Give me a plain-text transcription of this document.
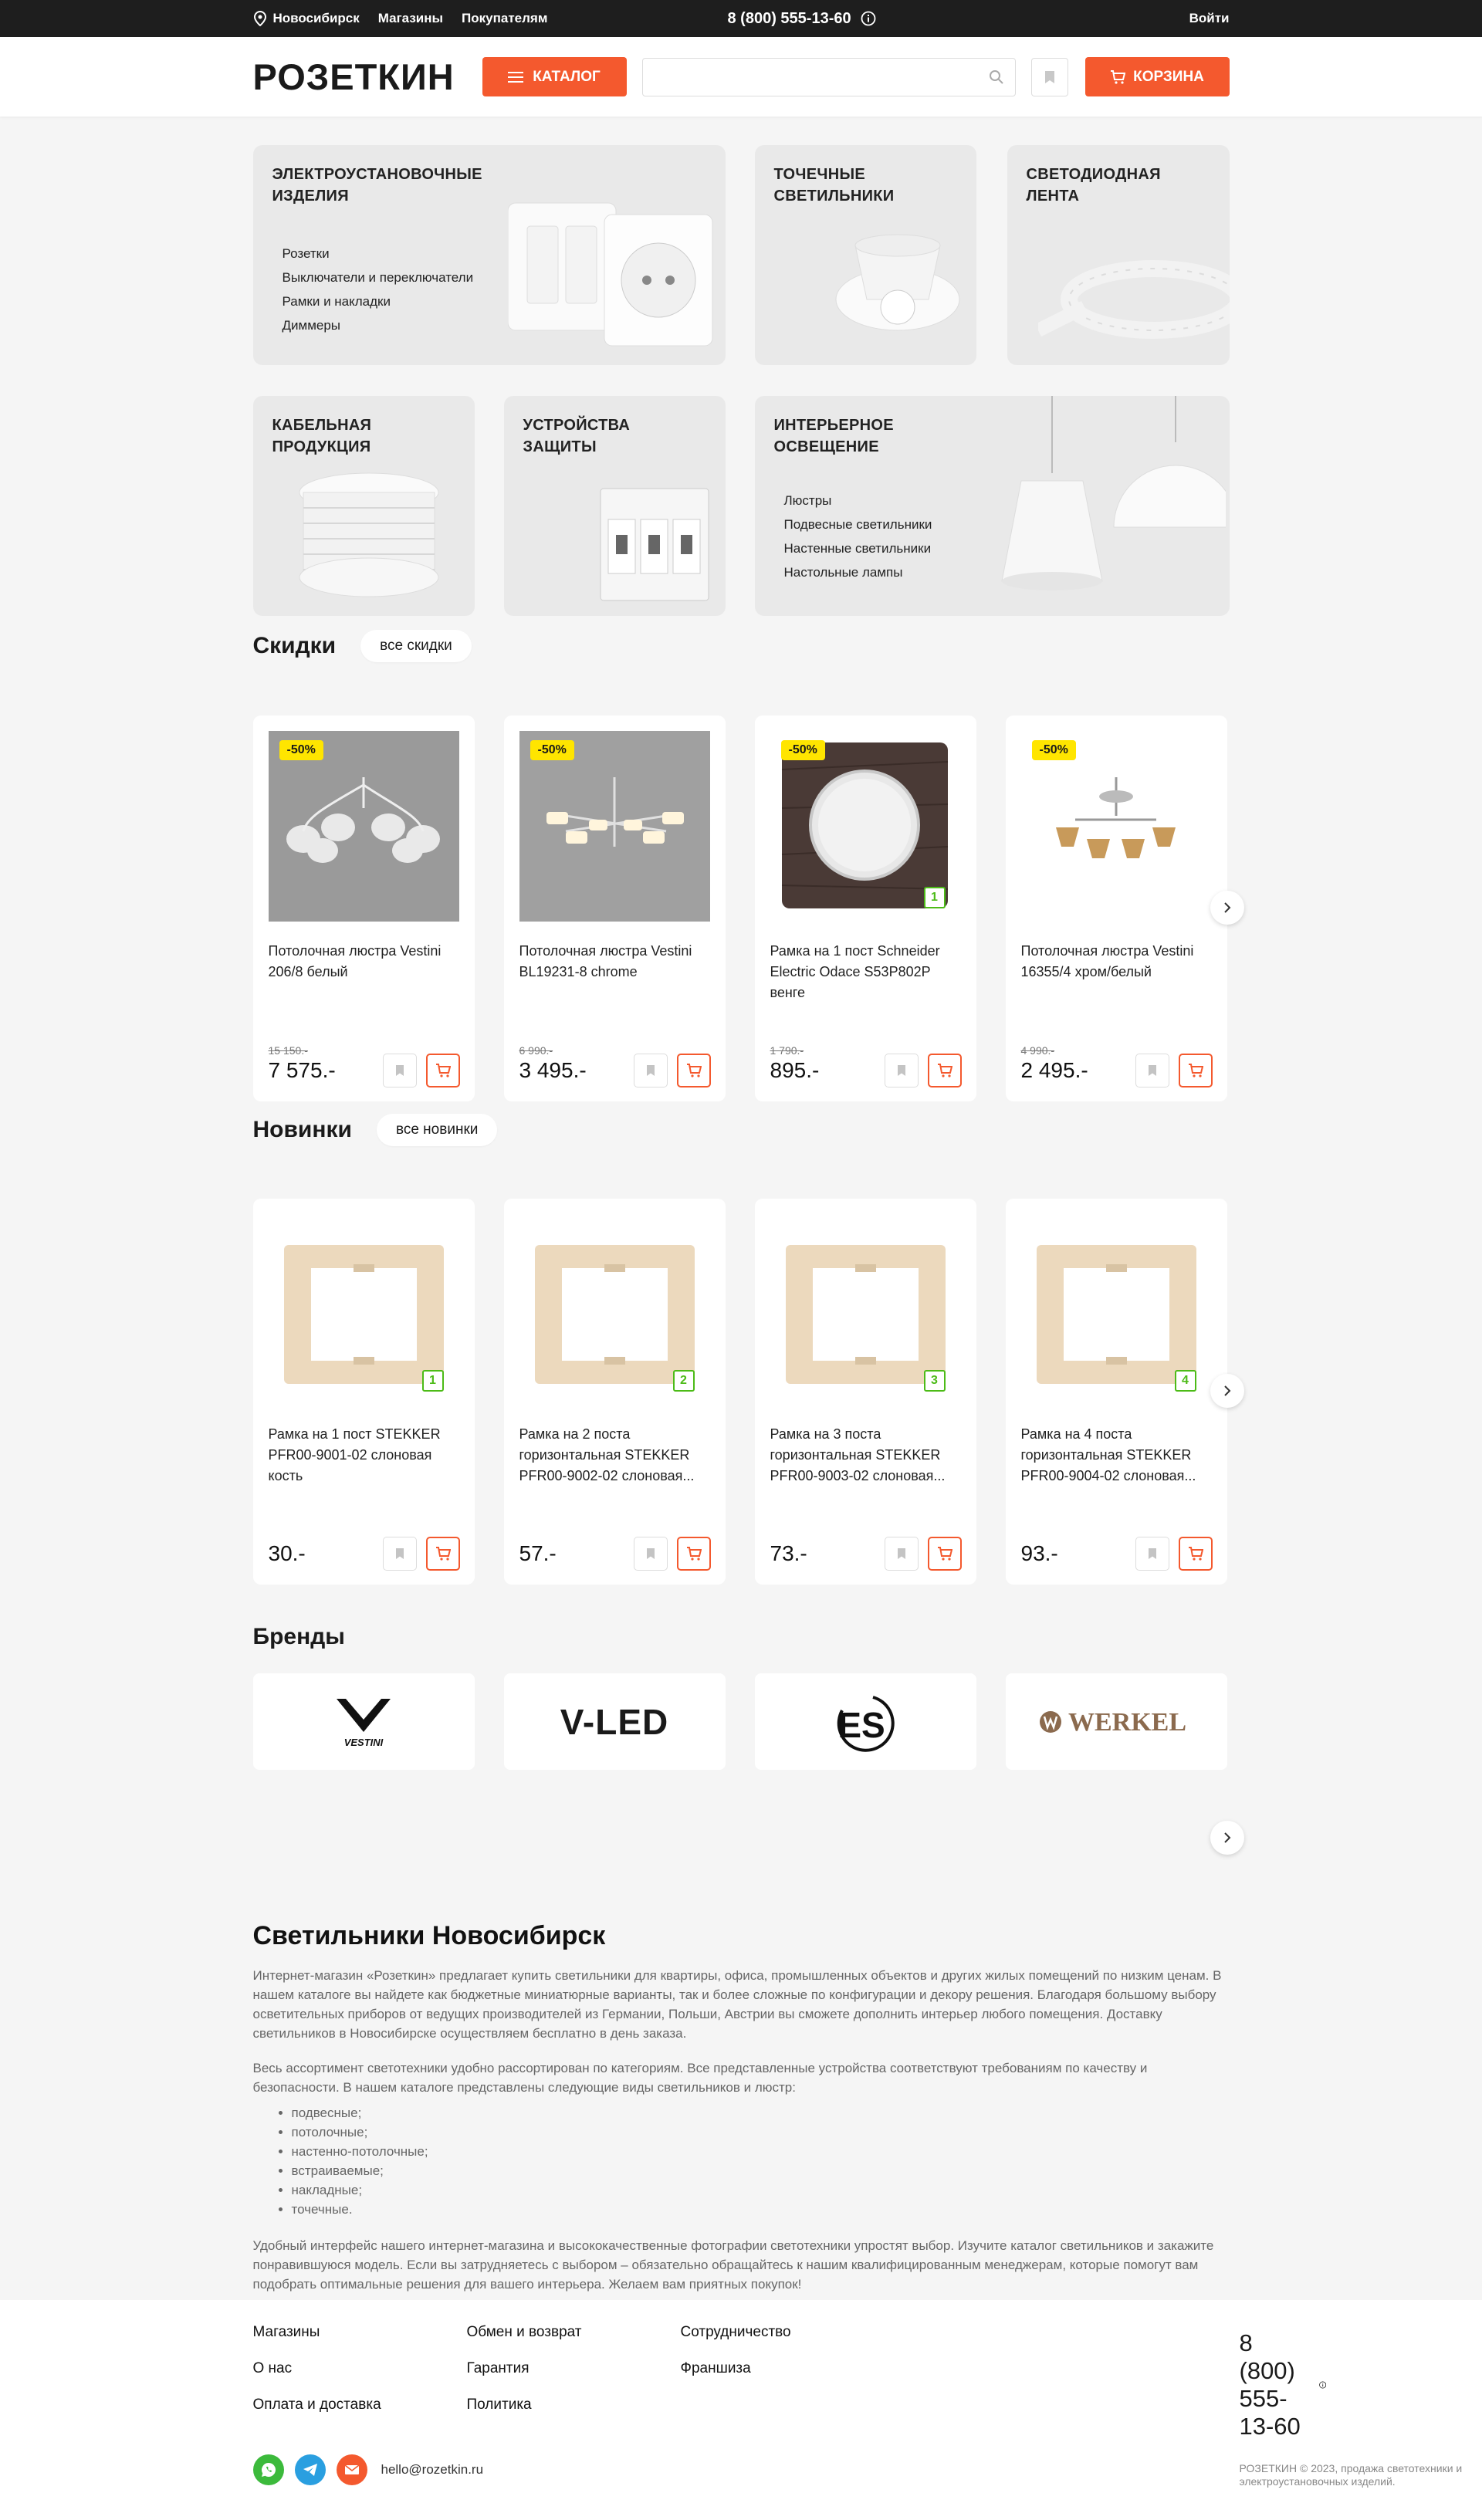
Новосибирск Магазины Покупателям	8 (800) 555-13-60	Войти
РОЗЕТКИН	КАТАЛОГ	КОРЗИНА
ЭЛЕКТРОУСТАНОВОЧНЫЕ ИЗДЕЛИЯ
Розетки
Выключатели и переключатели
Рамки и накладки
Диммеры
ТОЧЕЧНЫЕ СВЕТИЛЬНИКИ
СВЕТОДИОДНАЯ ЛЕНТА
КАБЕЛЬНАЯ ПРОДУКЦИЯ
УСТРОЙСТВА ЗАЩИТЫ
ИНТЕРЬЕРНОЕ ОСВЕЩЕНИЕ
Люстры
Подвесные светильники
Настенные светильники
Настольные лампы
Скидки	все скидки
-50%
Потолочная люстра Vestini 206/8 белый
15 150.-
7 575.-
-50%
Потолочная люстра Vestini BL19231-8 chrome
6 990.-
3 495.-
-50%
1
Рамка на 1 пост Schneider Electric Odace S53P802P венге
1 790.-
895.-
-50%
Потолочная люстра Vestini 16355/4 хром/белый
4 990.-
2 495.-
Новинки	все новинки
1
Рамка на 1 пост STEKKER PFR00-9001-02 слоновая кость
30.-
2
Рамка на 2 поста горизонтальная STEKKER PFR00-9002-02 слоновая...
57.-
3
Рамка на 3 поста горизонтальная STEKKER PFR00-9003-02 слоновая...
73.-
4
Рамка на 4 поста горизонтальная STEKKER PFR00-9004-02 слоновая...
93.-
Бренды
VESTINI
V-LED	ES	WERKEL
Светильники Новосибирск

Интернет-магазин «Розеткин» предлагает купить светильники для квартиры, офиса, промышленных объектов и других жилых помещений по низким ценам. В нашем каталоге вы найдете как бюджетные миниатюрные варианты, так и более сложные по конфигурации и декору решения. Благодаря большому выбору осветительных приборов от ведущих производителей из Германии, Польши, Австрии вы сможете дополнить интерьер любого помещения. Доставку светильников в Новосибирске осуществляем бесплатно в день заказа.

Весь ассортимент светотехники удобно рассортирован по категориям. Все представленные устройства соответствуют требованиям по качеству и безопасности. В нашем каталоге представлены следующие виды светильников и люстр:

• подвесные;
• потолочные;
• настенно-потолочные;
• встраиваемые;
• накладные;
• точечные.

Удобный интерфейс нашего интернет-магазина и высококачественные фотографии светотехники упростят выбор. Изучите каталог светильников и закажите понравившуюся модель. Если вы затрудняетесь с выбором – обязательно обращайтесь к нашим квалифицированным менеджерам, которые помогут вам подобрать оптимальные решения для вашего интерьера. Желаем вам приятных покупок!

Магазины
О нас
Оплата и доставка
Обмен и возврат
Гарантия
Политика
Сотрудничество
Франшиза
8 (800) 555-13-60
hello@rozetkin.ru	РОЗЕТКИН © 2023, продажа светотехники и электроустановочных изделий.
